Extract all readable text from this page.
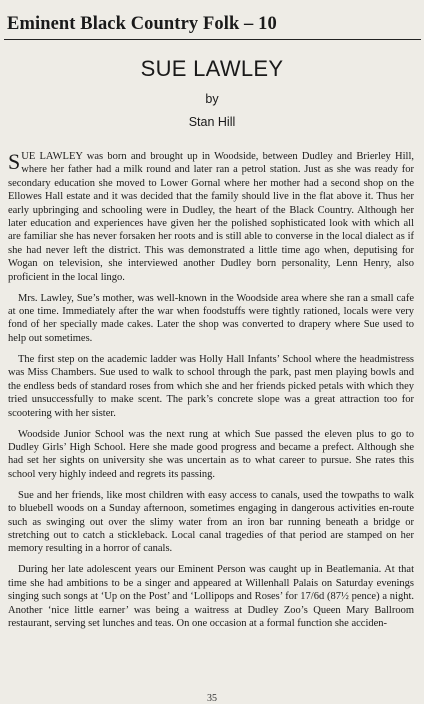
Eminent Black Country Folk – 10
SUE LAWLEY
by
Stan Hill

SUE LAWLEY was born and brought up in Woodside, between Dudley and Brierley Hill, where her father had a milk round and later ran a petrol station. Just as she was ready for secondary education she moved to Lower Gornal where her mother had a second shop on the Ellowes Hall estate and it was decided that the family should live in the flat above it. Thus her early upbringing and schooling were in Dudley, the heart of the Black Country. Although her later education and experiences have given her the polished sophisticated look with which all are familiar she has never forsaken her roots and is still able to converse in the local dialect as if she had never left the district. This was demonstrated a little time ago when, deputising for Wogan on television, she interviewed another Dudley born personality, Lenn Henry, also proficient in the local lingo.

Mrs. Lawley, Sue’s mother, was well-known in the Woodside area where she ran a small cafe at one time. Immediately after the war when foodstuffs were tightly rationed, locals were very fond of her specially made cakes. Later the shop was converted to drapery where Sue used to help out sometimes.

The first step on the academic ladder was Holly Hall Infants’ School where the headmistress was Miss Chambers. Sue used to walk to school through the park, past men playing bowls and the endless beds of standard roses from which she and her friends picked petals with which they tried unsuccessfully to make scent. The park’s concrete slope was a great attraction too for scootering with her sister.

Woodside Junior School was the next rung at which Sue passed the eleven plus to go to Dudley Girls’ High School. Here she made good progress and became a prefect. Although she had set her sights on university she was uncertain as to what career to pursue. She rates this school very highly indeed and regrets its passing.

Sue and her friends, like most children with easy access to canals, used the towpaths to walk to bluebell woods on a Sunday afternoon, sometimes engaging in dangerous activities en-route such as swinging out over the slimy water from an iron bar running beneath a bridge or stretching out to catch a stickleback. Local canal tragedies of that period are stamped on her memory resulting in a horror of canals.

During her late adolescent years our Eminent Person was caught up in Beatlemania. At that time she had ambitions to be a singer and appeared at Willenhall Palais on Saturday evenings singing such songs at ‘Up on the Post’ and ‘Lollipops and Roses’ for 17/6d (87½ pence) a night. Another ‘nice little earner’ was being a waitress at Dudley Zoo’s Queen Mary Ballroom restaurant, serving set lunches and teas. On one occasion at a formal function she acciden-

35
